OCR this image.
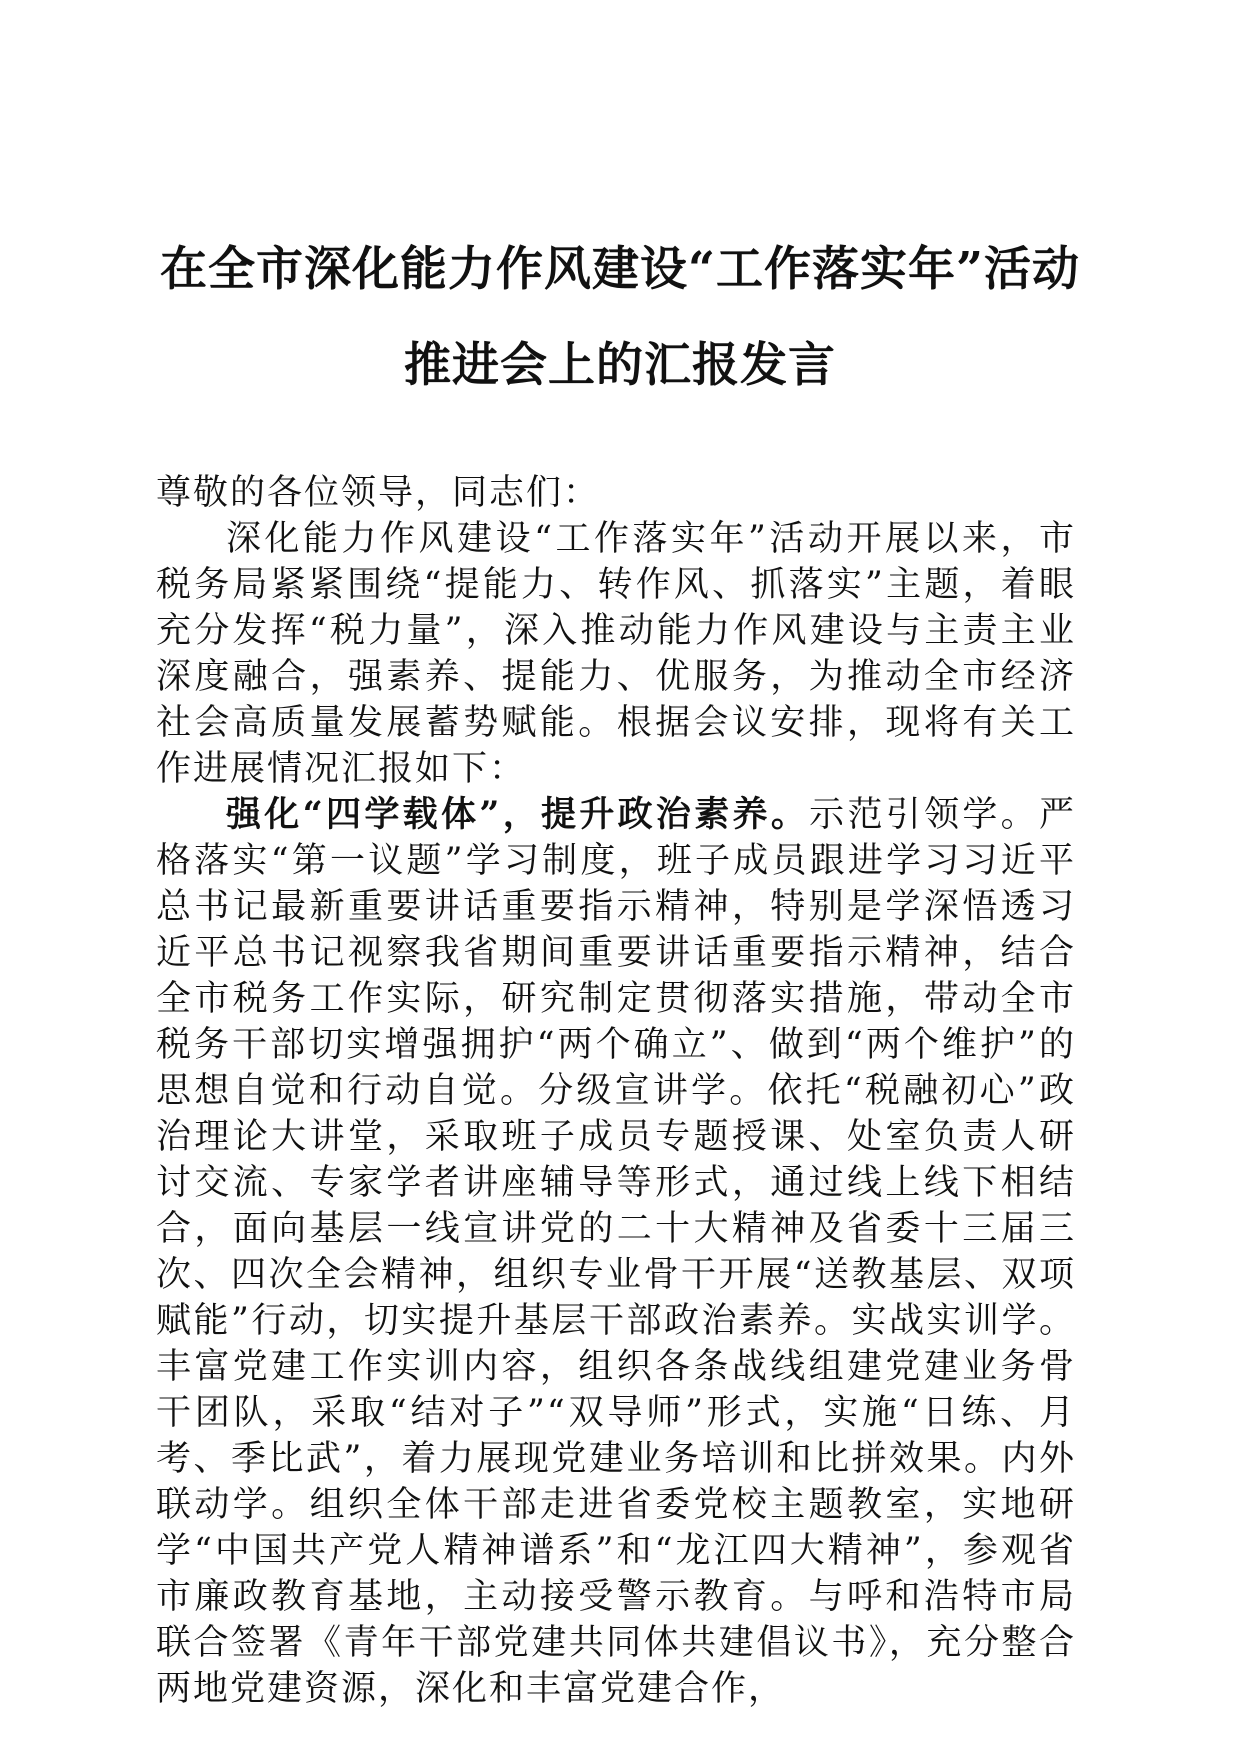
在全市深化能力作风建设“工作落实年”活动
推进会上的汇报发言

尊敬的各位领导，同志们：

深化能力作风建设“工作落实年”活动开展以来，市税务局紧紧围绕“提能力、转作风、抓落实”主题，着眼充分发挥“税力量”，深入推动能力作风建设与主责主业深度融合，强素养、提能力、优服务，为推动全市经济社会高质量发展蓄势赋能。根据会议安排，现将有关工作进展情况汇报如下：

强化“四学载体”，提升政治素养。示范引领学。严格落实“第一议题”学习制度，班子成员跟进学习习近平总书记最新重要讲话重要指示精神，特别是学深悟透习近平总书记视察我省期间重要讲话重要指示精神，结合全市税务工作实际，研究制定贯彻落实措施，带动全市税务干部切实增强拥护“两个确立”、做到“两个维护”的思想自觉和行动自觉。分级宣讲学。依托“税融初心”政治理论大讲堂，采取班子成员专题授课、处室负责人研讨交流、专家学者讲座辅导等形式，通过线上线下相结合，面向基层一线宣讲党的二十大精神及省委十三届三次、四次全会精神，组织专业骨干开展“送教基层、双项赋能”行动，切实提升基层干部政治素养。实战实训学。丰富党建工作实训内容，组织各条战线组建党建业务骨干团队，采取“结对子”“双导师”形式，实施“日练、月考、季比武”，着力展现党建业务培训和比拼效果。内外联动学。组织全体干部走进省委党校主题教室，实地研学“中国共产党人精神谱系”和“龙江四大精神”，参观省市廉政教育基地，主动接受警示教育。与呼和浩特市局联合签署《青年干部党建共同体共建倡议书》，充分整合两地党建资源，深化和丰富党建合作，
